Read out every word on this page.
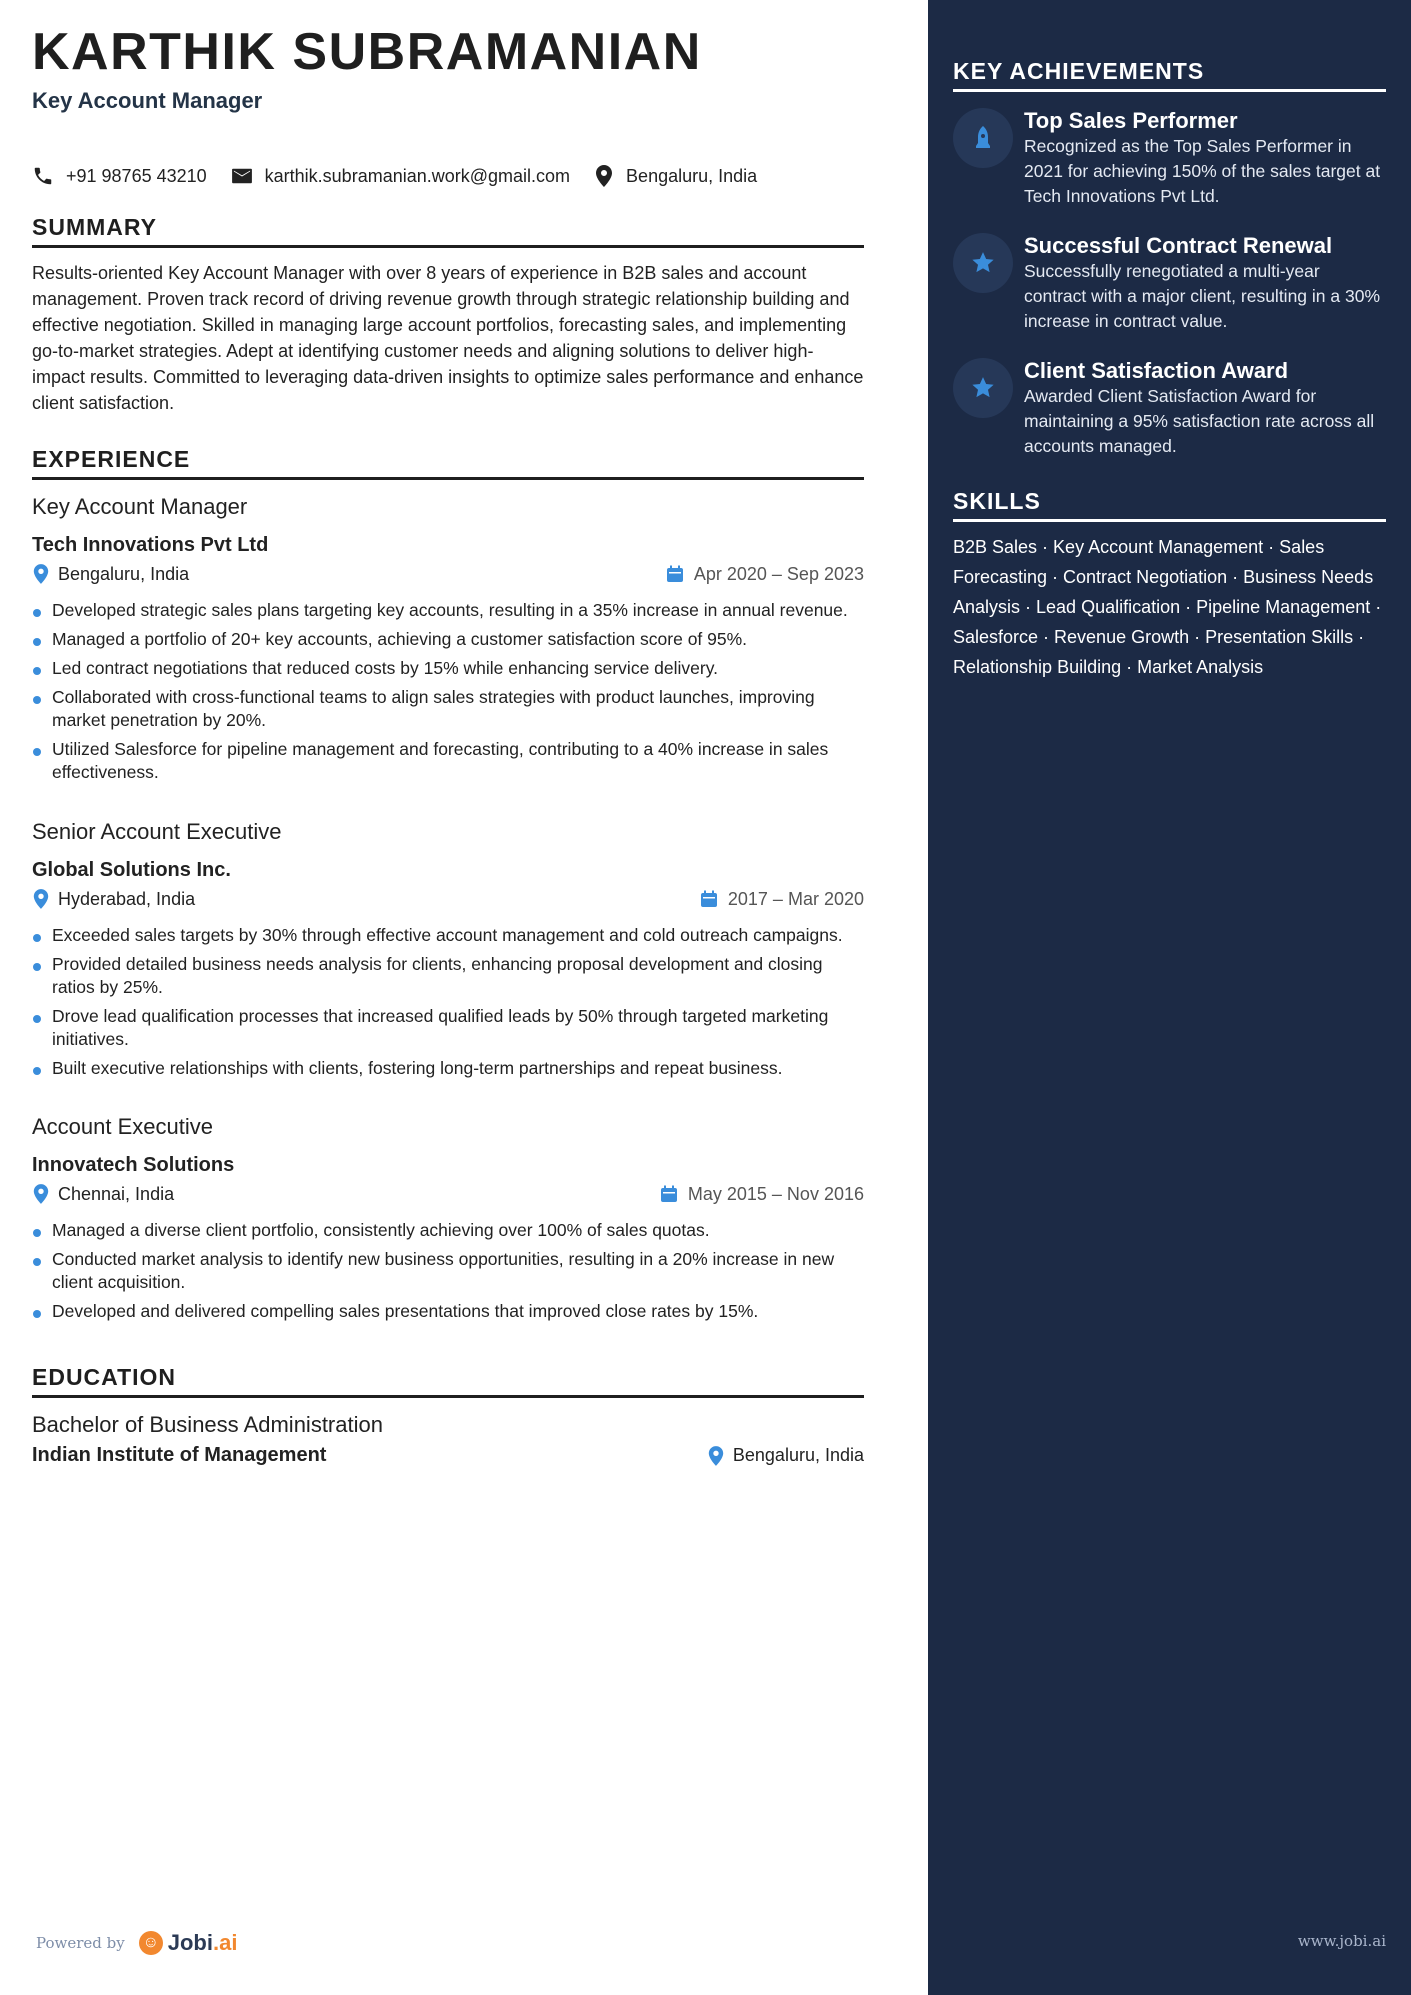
KARTHIK SUBRAMANIAN
Key Account Manager
+91 98765 43210	karthik.subramanian.work@gmail.com	Bengaluru, India
SUMMARY
Results-oriented Key Account Manager with over 8 years of experience in B2B sales and account management. Proven track record of driving revenue growth through strategic relationship building and effective negotiation. Skilled in managing large account portfolios, forecasting sales, and implementing go-to-market strategies. Adept at identifying customer needs and aligning solutions to deliver high-impact results. Committed to leveraging data-driven insights to optimize sales performance and enhance client satisfaction.
EXPERIENCE
Key Account Manager
Tech Innovations Pvt Ltd
Bengaluru, India	Apr 2020 – Sep 2023
Developed strategic sales plans targeting key accounts, resulting in a 35% increase in annual revenue.
Managed a portfolio of 20+ key accounts, achieving a customer satisfaction score of 95%.
Led contract negotiations that reduced costs by 15% while enhancing service delivery.
Collaborated with cross-functional teams to align sales strategies with product launches, improving market penetration by 20%.
Utilized Salesforce for pipeline management and forecasting, contributing to a 40% increase in sales effectiveness.
Senior Account Executive
Global Solutions Inc.
Hyderabad, India	2017 – Mar 2020
Exceeded sales targets by 30% through effective account management and cold outreach campaigns.
Provided detailed business needs analysis for clients, enhancing proposal development and closing ratios by 25%.
Drove lead qualification processes that increased qualified leads by 50% through targeted marketing initiatives.
Built executive relationships with clients, fostering long-term partnerships and repeat business.
Account Executive
Innovatech Solutions
Chennai, India	May 2015 – Nov 2016
Managed a diverse client portfolio, consistently achieving over 100% of sales quotas.
Conducted market analysis to identify new business opportunities, resulting in a 20% increase in new client acquisition.
Developed and delivered compelling sales presentations that improved close rates by 15%.
EDUCATION
Bachelor of Business Administration
Indian Institute of Management	Bengaluru, India
Powered by ☺ Jobi .ai
KEY ACHIEVEMENTS
Top Sales Performer
Recognized as the Top Sales Performer in 2021 for achieving 150% of the sales target at Tech Innovations Pvt Ltd.
Successful Contract Renewal
Successfully renegotiated a multi-year contract with a major client, resulting in a 30% increase in contract value.
Client Satisfaction Award
Awarded Client Satisfaction Award for maintaining a 95% satisfaction rate across all accounts managed.
SKILLS
B2B Sales · Key Account Management · Sales Forecasting · Contract Negotiation · Business Needs Analysis · Lead Qualification · Pipeline Management · Salesforce · Revenue Growth · Presentation Skills · Relationship Building · Market Analysis
www.jobi.ai
